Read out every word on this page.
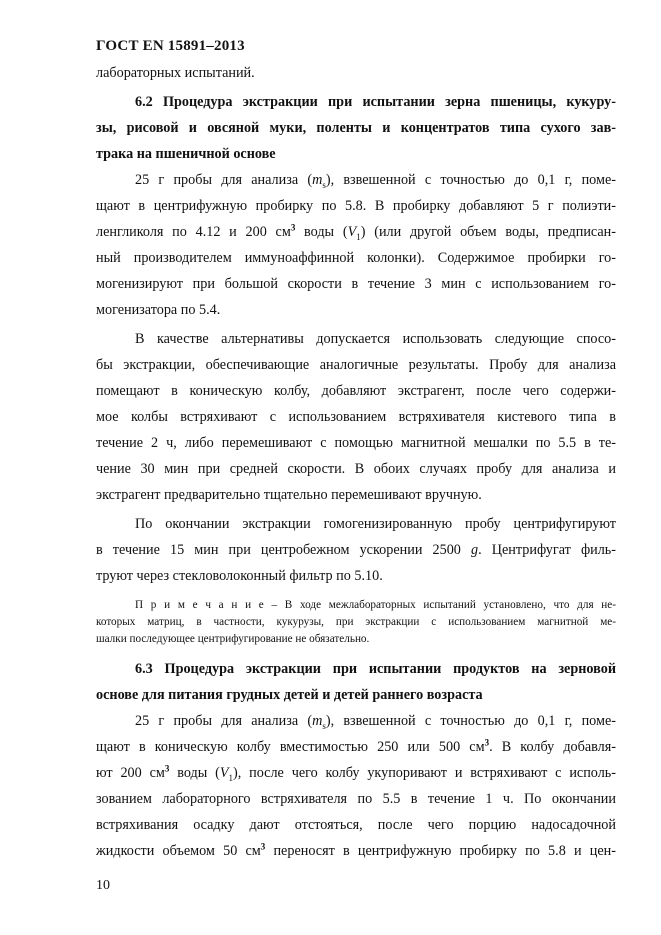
ГОСТ EN 15891–2013
лабораторных испытаний.
6.2 Процедура экстракции при испытании зерна пшеницы, кукуру-
зы, рисовой и овсяной муки, поленты и концентратов типа сухого зав-
трака на пшеничной основе
25 г пробы для анализа $(m_s)$, взвешенной с точностью до 0,1 г, поме-
щают в центрифужную пробирку по 5.8. В пробирку добавляют 5 г полиэти-
ленгликоля по 4.12 и 200 $см^3$ воды $(V_1)$ (или другой объем воды, предписан-
ный производителем иммуноаффинной колонки). Содержимое пробирки го-
могенизируют при большой скорости в течение 3 мин с использованием го-
могенизатора по 5.4.
В качестве альтернативы допускается использовать следующие спосо-
бы экстракции, обеспечивающие аналогичные результаты. Пробу для анализа
помещают в коническую колбу, добавляют экстрагент, после чего содержи-
мое колбы встряхивают с использованием встряхивателя кистевого типа в
течение 2 ч, либо перемешивают с помощью магнитной мешалки по 5.5 в те-
чение 30 мин при средней скорости. В обоих случаях пробу для анализа и
экстрагент предварительно тщательно перемешивают вручную.
По окончании экстракции гомогенизированную пробу центрифугируют
в течение 15 мин при центробежном ускорении 2500 g. Центрифугат филь-
труют через стекловолоконный фильтр по 5.10.
П р и м е ч а н и е – В ходе межлабораторных испытаний установлено, что для не-
которых матриц, в частности, кукурузы, при экстракции с использованием магнитной ме-
шалки последующее центрифугирование не обязательно.
6.3 Процедура экстракции при испытании продуктов на зерновой
основе для питания грудных детей и детей раннего возраста
25 г пробы для анализа $(m_s)$, взвешенной с точностью до 0,1 г, поме-
щают в коническую колбу вместимостью 250 или 500 $см^3$. В колбу добавля-
ют 200 $см^3$ воды $(V_1)$, после чего колбу укупоривают и встряхивают с исполь-
зованием лабораторного встряхивателя по 5.5 в течение 1 ч. По окончании
встряхивания осадку дают отстояться, после чего порцию надосадочной
жидкости объемом 50 $см^3$ переносят в центрифужную пробирку по 5.8 и цен-
10
